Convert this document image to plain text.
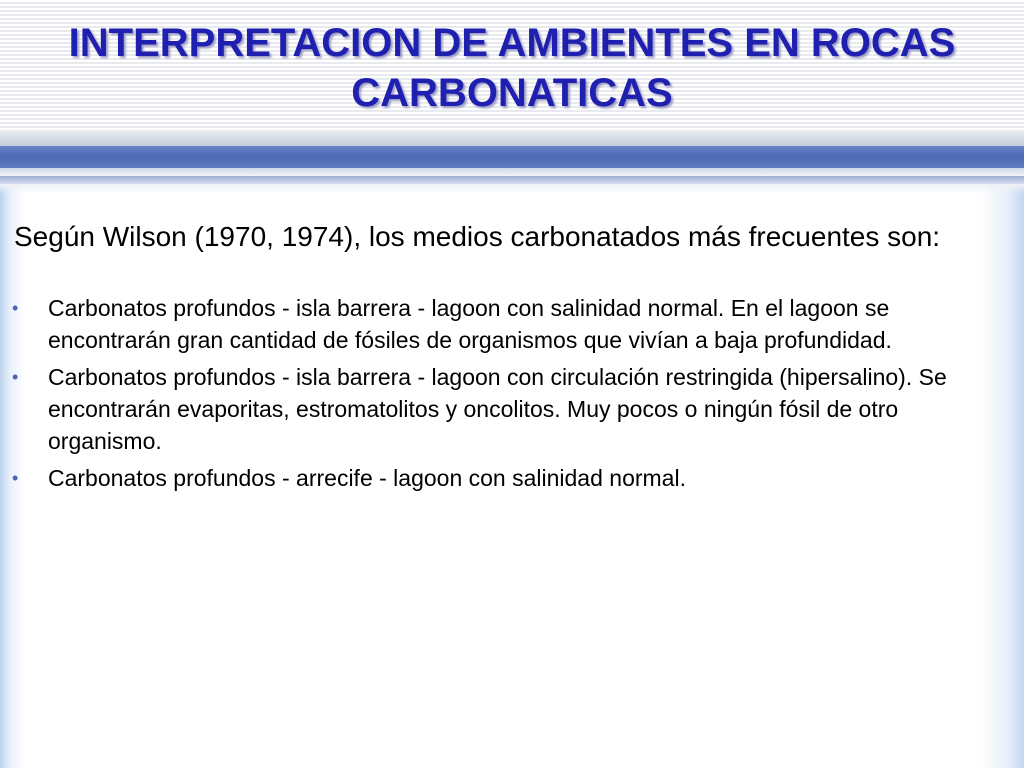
INTERPRETACION DE AMBIENTES EN ROCAS CARBONATICAS

Según Wilson (1970, 1974), los medios carbonatados más frecuentes son:

• Carbonatos profundos - isla barrera - lagoon con salinidad normal. En el lagoon se encontrarán gran cantidad de fósiles de organismos que vivían a baja profundidad.
• Carbonatos profundos - isla barrera - lagoon con circulación restringida (hipersalino). Se encontrarán evaporitas, estromatolitos y oncolitos. Muy pocos o ningún fósil de otro organismo.
• Carbonatos profundos - arrecife - lagoon con salinidad normal.
